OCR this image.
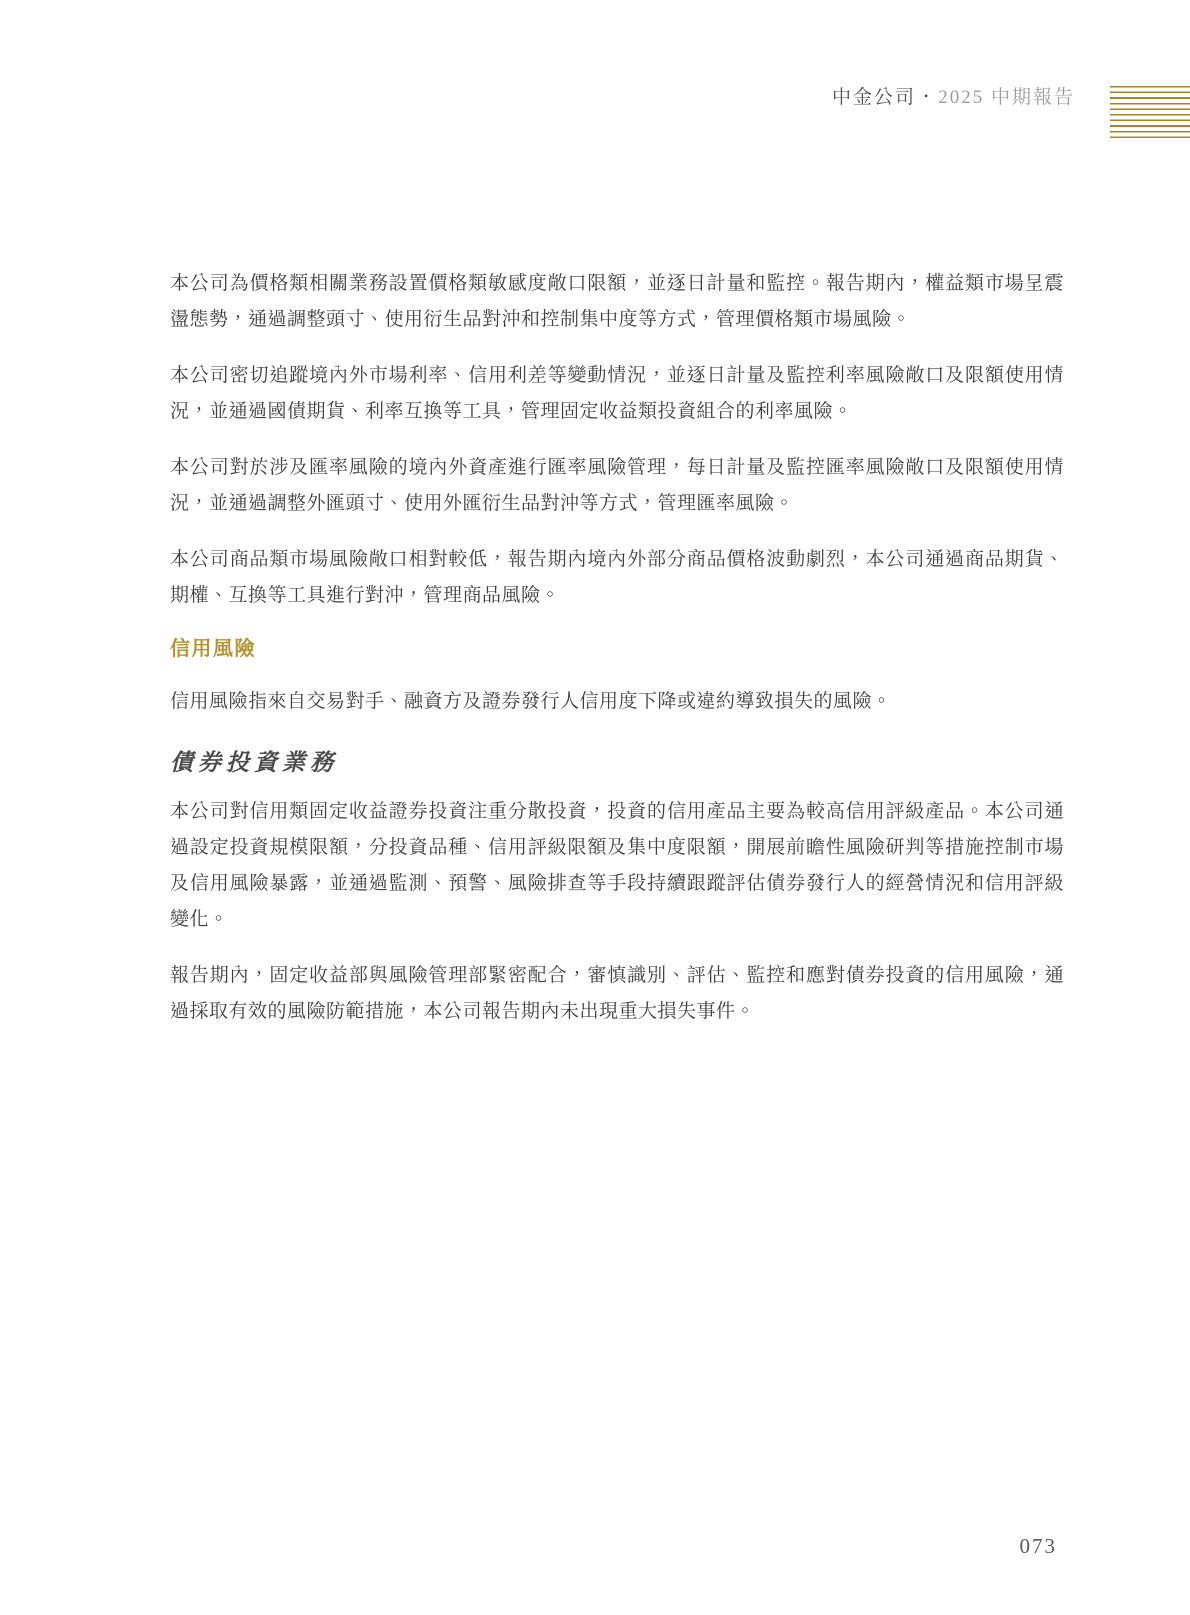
中金公司 • 2025 中期報告

本公司為價格類相關業務設置價格類敏感度敞口限額，並逐日計量和監控。報告期內，權益類市場呈震盪態勢，通過調整頭寸、使用衍生品對沖和控制集中度等方式，管理價格類市場風險。

本公司密切追蹤境內外市場利率、信用利差等變動情況，並逐日計量及監控利率風險敞口及限額使用情況，並通過國債期貨、利率互換等工具，管理固定收益類投資組合的利率風險。

本公司對於涉及匯率風險的境內外資產進行匯率風險管理，每日計量及監控匯率風險敞口及限額使用情況，並通過調整外匯頭寸、使用外匯衍生品對沖等方式，管理匯率風險。

本公司商品類市場風險敞口相對較低，報告期內境內外部分商品價格波動劇烈，本公司通過商品期貨、期權、互換等工具進行對沖，管理商品風險。

信用風險

信用風險指來自交易對手、融資方及證券發行人信用度下降或違約導致損失的風險。

債券投資業務

本公司對信用類固定收益證券投資注重分散投資，投資的信用產品主要為較高信用評級產品。本公司通過設定投資規模限額，分投資品種、信用評級限額及集中度限額，開展前瞻性風險研判等措施控制市場及信用風險暴露，並通過監測、預警、風險排查等手段持續跟蹤評估債券發行人的經營情況和信用評級變化。

報告期內，固定收益部與風險管理部緊密配合，審慎識別、評估、監控和應對債券投資的信用風險，通過採取有效的風險防範措施，本公司報告期內未出現重大損失事件。

073
